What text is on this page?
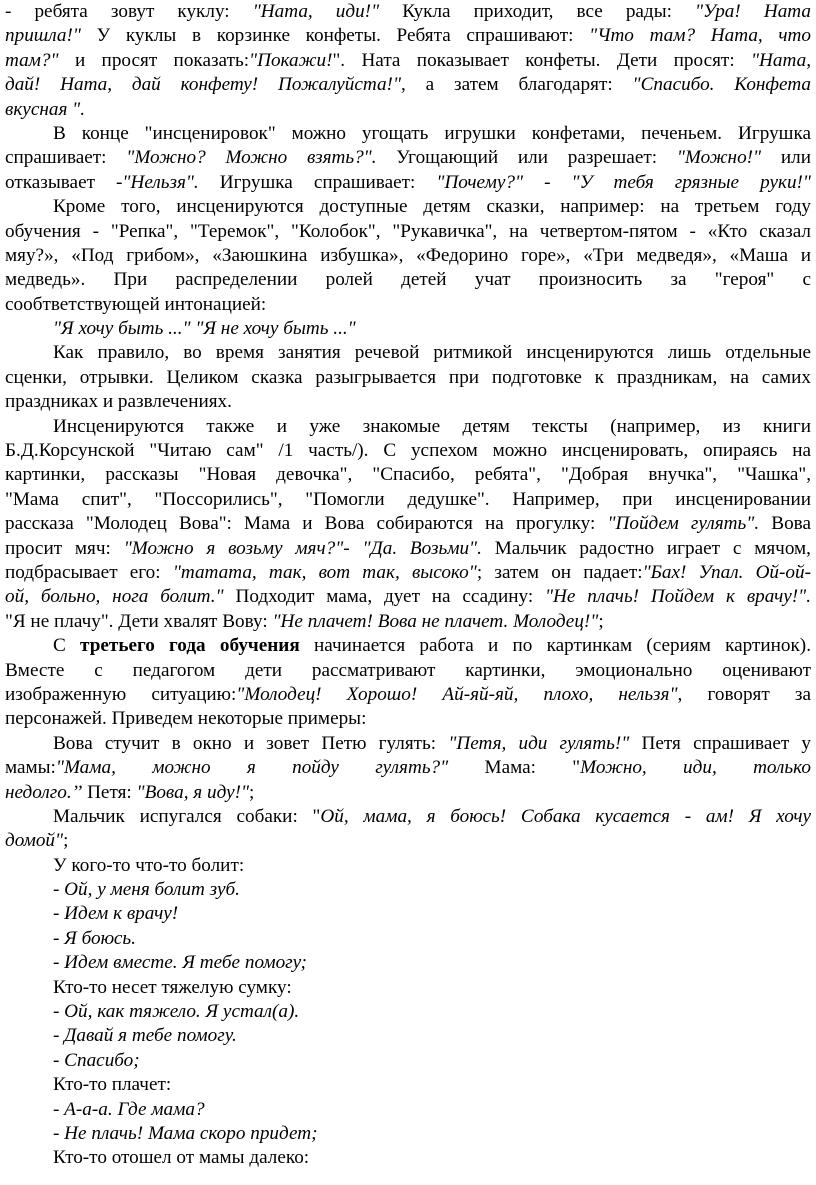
- ребята зовут куклу: "Ната, иди!" Кукла приходит, все рады: "Ура! Ната
пришла!" У куклы в корзинке конфеты. Ребята спрашивают: "Что там? Ната, что
там?" и просят показать:"Покажи!". Ната показывает конфеты. Дети просят: "Ната,
дай! Ната, дай конфету! Пожалуйста!", а затем благодарят: "Спасибо. Конфета
вкусная ".
В конце "инсценировок" можно угощать игрушки конфетами, печеньем. Игрушка
спрашивает: "Можно? Можно взять?". Угощающий или разрешает: "Можно!" или
отказывает -"Нельзя". Игрушка спрашивает: "Почему?" - "У тебя грязные руки!"
Кроме того, инсценируются доступные детям сказки, например: на третьем году
обучения - "Репка", "Теремок", "Колобок", "Рукавичка", на четвертом-пятом - «Кто сказал
мяу?», «Под грибом», «Заюшкина избушка», «Федорино горе», «Три медведя», «Маша и
медведь». При распределении ролей детей учат произносить за "героя" с
сообтветствующей интонацией:
"Я хочу быть ..." "Я не хочу быть ..."
Как правило, во время занятия речевой ритмикой инсценируются лишь отдельные
сценки, отрывки. Целиком сказка разыгрывается при подготовке к праздникам, на самих
праздниках и развлечениях.
Инсценируются также и уже знакомые детям тексты (например, из книги
Б.Д.Корсунской "Читаю сам" /1 часть/). С успехом можно инсценировать, опираясь на
картинки, рассказы "Новая девочка", "Спасибо, ребята", "Добрая внучка", "Чашка",
"Мама спит", "Поссорились", "Помогли дедушке". Например, при инсценировании
рассказа "Молодец Вова": Мама и Вова собираются на прогулку: "Пойдем гулять". Вова
просит мяч: "Можно я возьму мяч?"- "Да. Возьми". Мальчик радостно играет с мячом,
подбрасывает его: "татата, так, вот так, высоко"; затем он падает:"Бах! Упал. Ой-ой-
ой, больно, нога болит." Подходит мама, дует на ссадину: "Не плачь! Пойдем к врачу!".
"Я не плачу". Дети хвалят Вову: "Не плачет! Вова не плачет. Молодец!";
С третьего года обучения начинается работа и по картинкам (сериям картинок).
Вместе с педагогом дети рассматривают картинки, эмоционально оценивают
изображенную ситуацию:"Молодец! Хорошо! Ай-яй-яй, плохо, нельзя", говорят за
персонажей. Приведем некоторые примеры:
Вова стучит в окно и зовет Петю гулять: "Петя, иди гулять!" Петя спрашивает у
мамы:"Мама, можно я пойду гулять?" Мама: "Можно, иди, только
недолго.’’ Петя: "Вова, я иду!";
Мальчик испугался собаки: "Ой, мама, я боюсь! Собака кусается - ам! Я хочу
домой";
У кого-то что-то болит:
- Ой, у меня болит зуб.
- Идем к врачу!
- Я боюсь.
- Идем вместе. Я тебе помогу;
Кто-то несет тяжелую сумку:
- Ой, как тяжело. Я устал(а).
- Давай я тебе помогу.
- Спасибо;
Кто-то плачет:
- А-а-а. Где мама?
- Не плачь! Мама скоро придет;
Кто-то отошел от мамы далеко:
